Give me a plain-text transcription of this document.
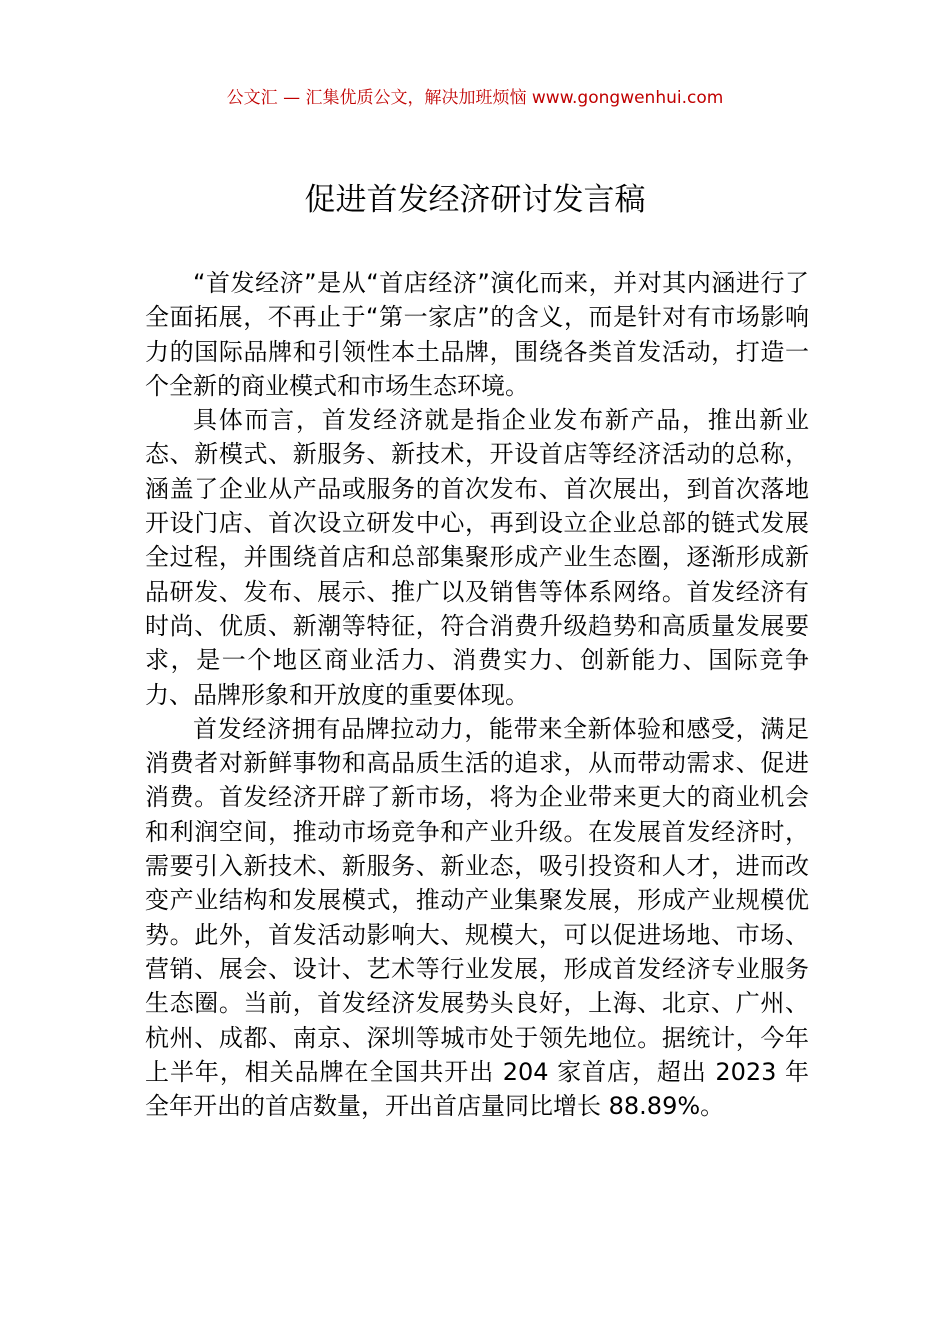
公文汇 — 汇集优质公文，解决加班烦恼 www.gongwenhui.com
促进首发经济研讨发言稿

“首发经济”是从“首店经济”演化而来，并对其内涵进行了全面拓展，不再止于“第一家店”的含义，而是针对有市场影响力的国际品牌和引领性本土品牌，围绕各类首发活动，打造一个全新的商业模式和市场生态环境。

具体而言，首发经济就是指企业发布新产品，推出新业态、新模式、新服务、新技术，开设首店等经济活动的总称，涵盖了企业从产品或服务的首次发布、首次展出，到首次落地开设门店、首次设立研发中心，再到设立企业总部的链式发展全过程，并围绕首店和总部集聚形成产业生态圈，逐渐形成新品研发、发布、展示、推广以及销售等体系网络。首发经济有时尚、优质、新潮等特征，符合消费升级趋势和高质量发展要求，是一个地区商业活力、消费实力、创新能力、国际竞争力、品牌形象和开放度的重要体现。

首发经济拥有品牌拉动力，能带来全新体验和感受，满足消费者对新鲜事物和高品质生活的追求，从而带动需求、促进消费。首发经济开辟了新市场，将为企业带来更大的商业机会和利润空间，推动市场竞争和产业升级。在发展首发经济时，需要引入新技术、新服务、新业态，吸引投资和人才，进而改变产业结构和发展模式，推动产业集聚发展，形成产业规模优势。此外，首发活动影响大、规模大，可以促进场地、市场、营销、展会、设计、艺术等行业发展，形成首发经济专业服务生态圈。当前，首发经济发展势头良好，上海、北京、广州、杭州、成都、南京、深圳等城市处于领先地位。据统计，今年上半年，相关品牌在全国共开出 204 家首店，超出 2023 年全年开出的首店数量，开出首店量同比增长 88.89%。
